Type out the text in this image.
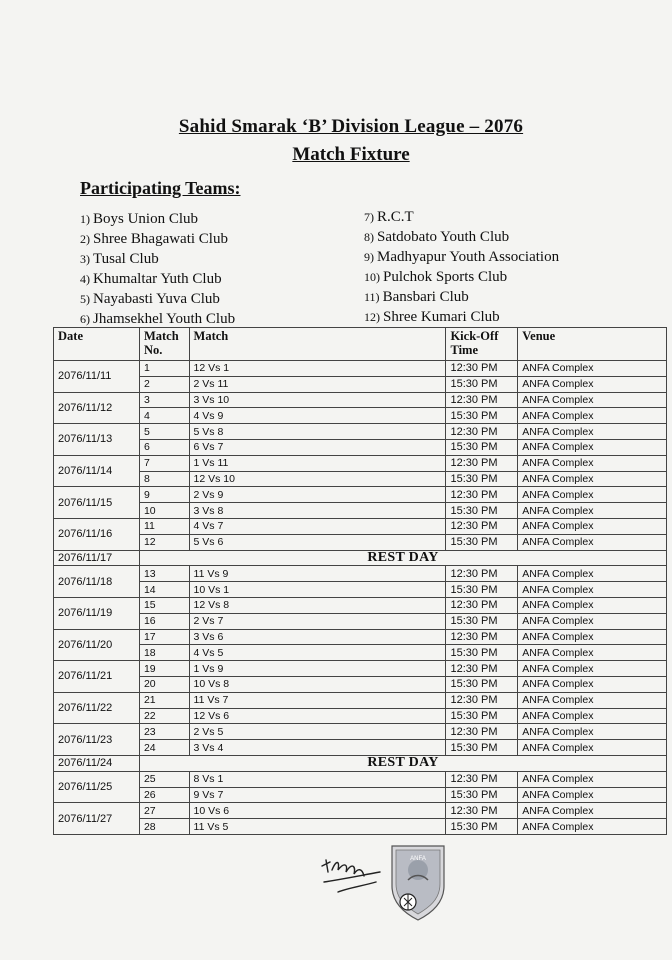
Sahid Smarak ‘B’ Division League – 2076
Match Fixture
Participating Teams:
1) Boys Union Club
2) Shree Bhagawati Club
3) Tusal Club
4) Khumaltar Yuth Club
5) Nayabasti Yuva Club
6) Jhamsekhel Youth Club
7) R.C.T
8) Satdobato Youth Club
9) Madhyapur Youth Association
10) Pulchok Sports Club
11) Bansbari Club
12) Shree Kumari Club
Date	Match No.	Match	Kick-Off Time	Venue
2076/11/11	1	12 Vs 1	12:30 PM	ANFA Complex
	2	2 Vs 11	15:30 PM	ANFA Complex
2076/11/12	3	3 Vs 10	12:30 PM	ANFA Complex
	4	4 Vs 9	15:30 PM	ANFA Complex
2076/11/13	5	5 Vs 8	12:30 PM	ANFA Complex
	6	6 Vs 7	15:30 PM	ANFA Complex
2076/11/14	7	1 Vs 11	12:30 PM	ANFA Complex
	8	12 Vs 10	15:30 PM	ANFA Complex
2076/11/15	9	2 Vs 9	12:30 PM	ANFA Complex
	10	3 Vs 8	15:30 PM	ANFA Complex
2076/11/16	11	4 Vs 7	12:30 PM	ANFA Complex
	12	5 Vs 6	15:30 PM	ANFA Complex
2076/11/17	REST DAY			
2076/11/18	13	11 Vs 9	12:30 PM	ANFA Complex
	14	10 Vs 1	15:30 PM	ANFA Complex
2076/11/19	15	12 Vs 8	12:30 PM	ANFA Complex
	16	2 Vs 7	15:30 PM	ANFA Complex
2076/11/20	17	3 Vs 6	12:30 PM	ANFA Complex
	18	4 Vs 5	15:30 PM	ANFA Complex
2076/11/21	19	1 Vs 9	12:30 PM	ANFA Complex
	20	10 Vs 8	15:30 PM	ANFA Complex
2076/11/22	21	11 Vs 7	12:30 PM	ANFA Complex
	22	12 Vs 6	15:30 PM	ANFA Complex
2076/11/23	23	2 Vs 5	12:30 PM	ANFA Complex
	24	3 Vs 4	15:30 PM	ANFA Complex
2076/11/24	REST DAY			
2076/11/25	25	8 Vs 1	12:30 PM	ANFA Complex
	26	9 Vs 7	15:30 PM	ANFA Complex
2076/11/27	27	10 Vs 6	12:30 PM	ANFA Complex
	28	11 Vs 5	15:30 PM	ANFA Complex
ANFA
